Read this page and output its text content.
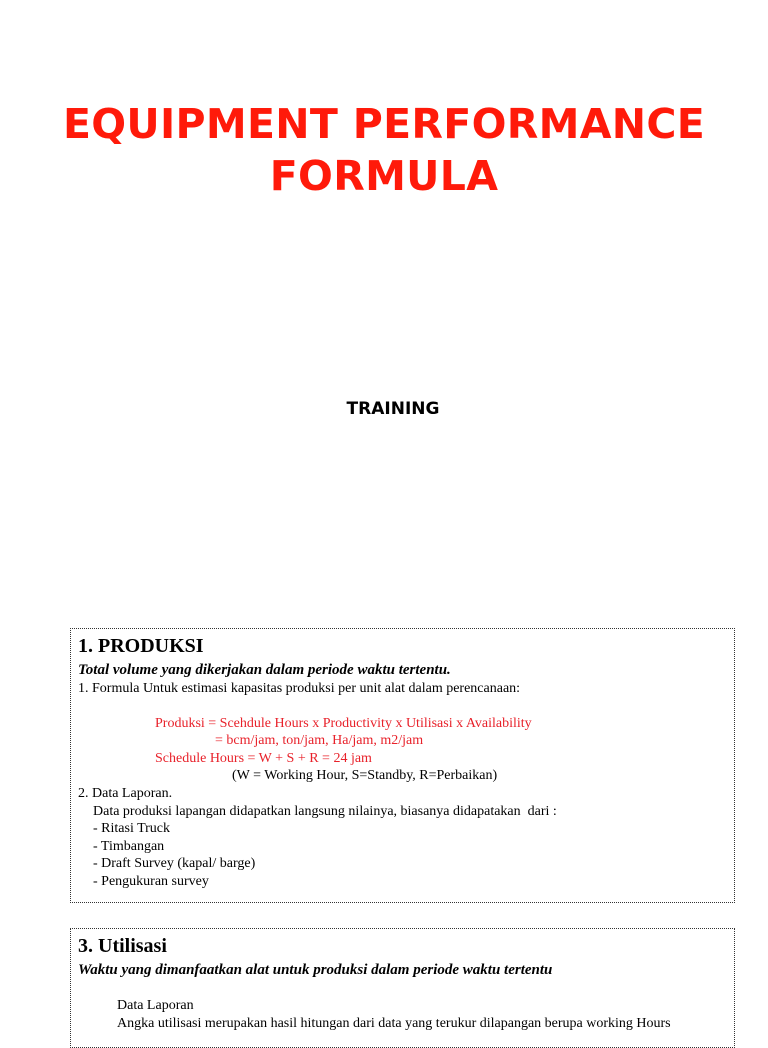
EQUIPMENT PERFORMANCE
FORMULA
TRAINING
1. PRODUKSI
Total volume yang dikerjakan dalam periode waktu tertentu.
1. Formula Untuk estimasi kapasitas produksi per unit alat dalam perencanaan:
Produksi = Scehdule Hours x Productivity x Utilisasi x Availability
= bcm/jam, ton/jam, Ha/jam, m2/jam
Schedule Hours = W + S + R = 24 jam
(W = Working Hour, S=Standby, R=Perbaikan)
2. Data Laporan.
Data produksi lapangan didapatkan langsung nilainya, biasanya didapatakan  dari :
- Ritasi Truck
- Timbangan
- Draft Survey (kapal/ barge)
- Pengukuran survey
3. Utilisasi
Waktu yang dimanfaatkan alat untuk produksi dalam periode waktu tertentu
Data Laporan
Angka utilisasi merupakan hasil hitungan dari data yang terukur dilapangan berupa working Hours
